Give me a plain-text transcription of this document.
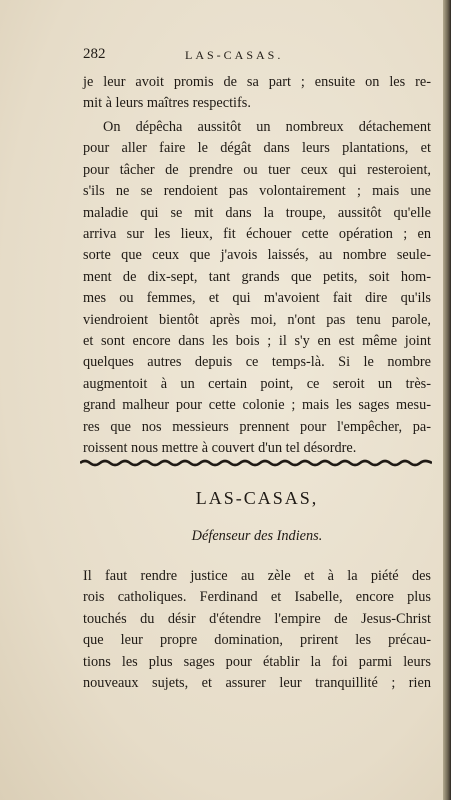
282	LAS-CASAS.
je leur avoit promis de sa part ; ensuite on les re-
mit à leurs maîtres respectifs.
On dépêcha aussitôt un nombreux détachement
pour aller faire le dégât dans leurs plantations, et
pour tâcher de prendre ou tuer ceux qui resteroient,
s'ils ne se rendoient pas volontairement ; mais une
maladie qui se mit dans la troupe, aussitôt qu'elle
arriva sur les lieux, fit échouer cette opération ; en
sorte que ceux que j'avois laissés, au nombre seule-
ment de dix-sept, tant grands que petits, soit hom-
mes ou femmes, et qui m'avoient fait dire qu'ils
viendroient bientôt après moi, n'ont pas tenu parole,
et sont encore dans les bois ; il s'y en est même joint
quelques autres depuis ce temps-là. Si le nombre
augmentoit à un certain point, ce seroit un très-
grand malheur pour cette colonie ; mais les sages mesu-
res que nos messieurs prennent pour l'empêcher, pa-
roissent nous mettre à couvert d'un tel désordre.
LAS-CASAS,
Défenseur des Indiens.
Il faut rendre justice au zèle et à la piété des
rois catholiques. Ferdinand et Isabelle, encore plus
touchés du désir d'étendre l'empire de Jesus-Christ
que leur propre domination, prirent les précau-
tions les plus sages pour établir la foi parmi leurs
nouveaux sujets, et assurer leur tranquillité ; rien
